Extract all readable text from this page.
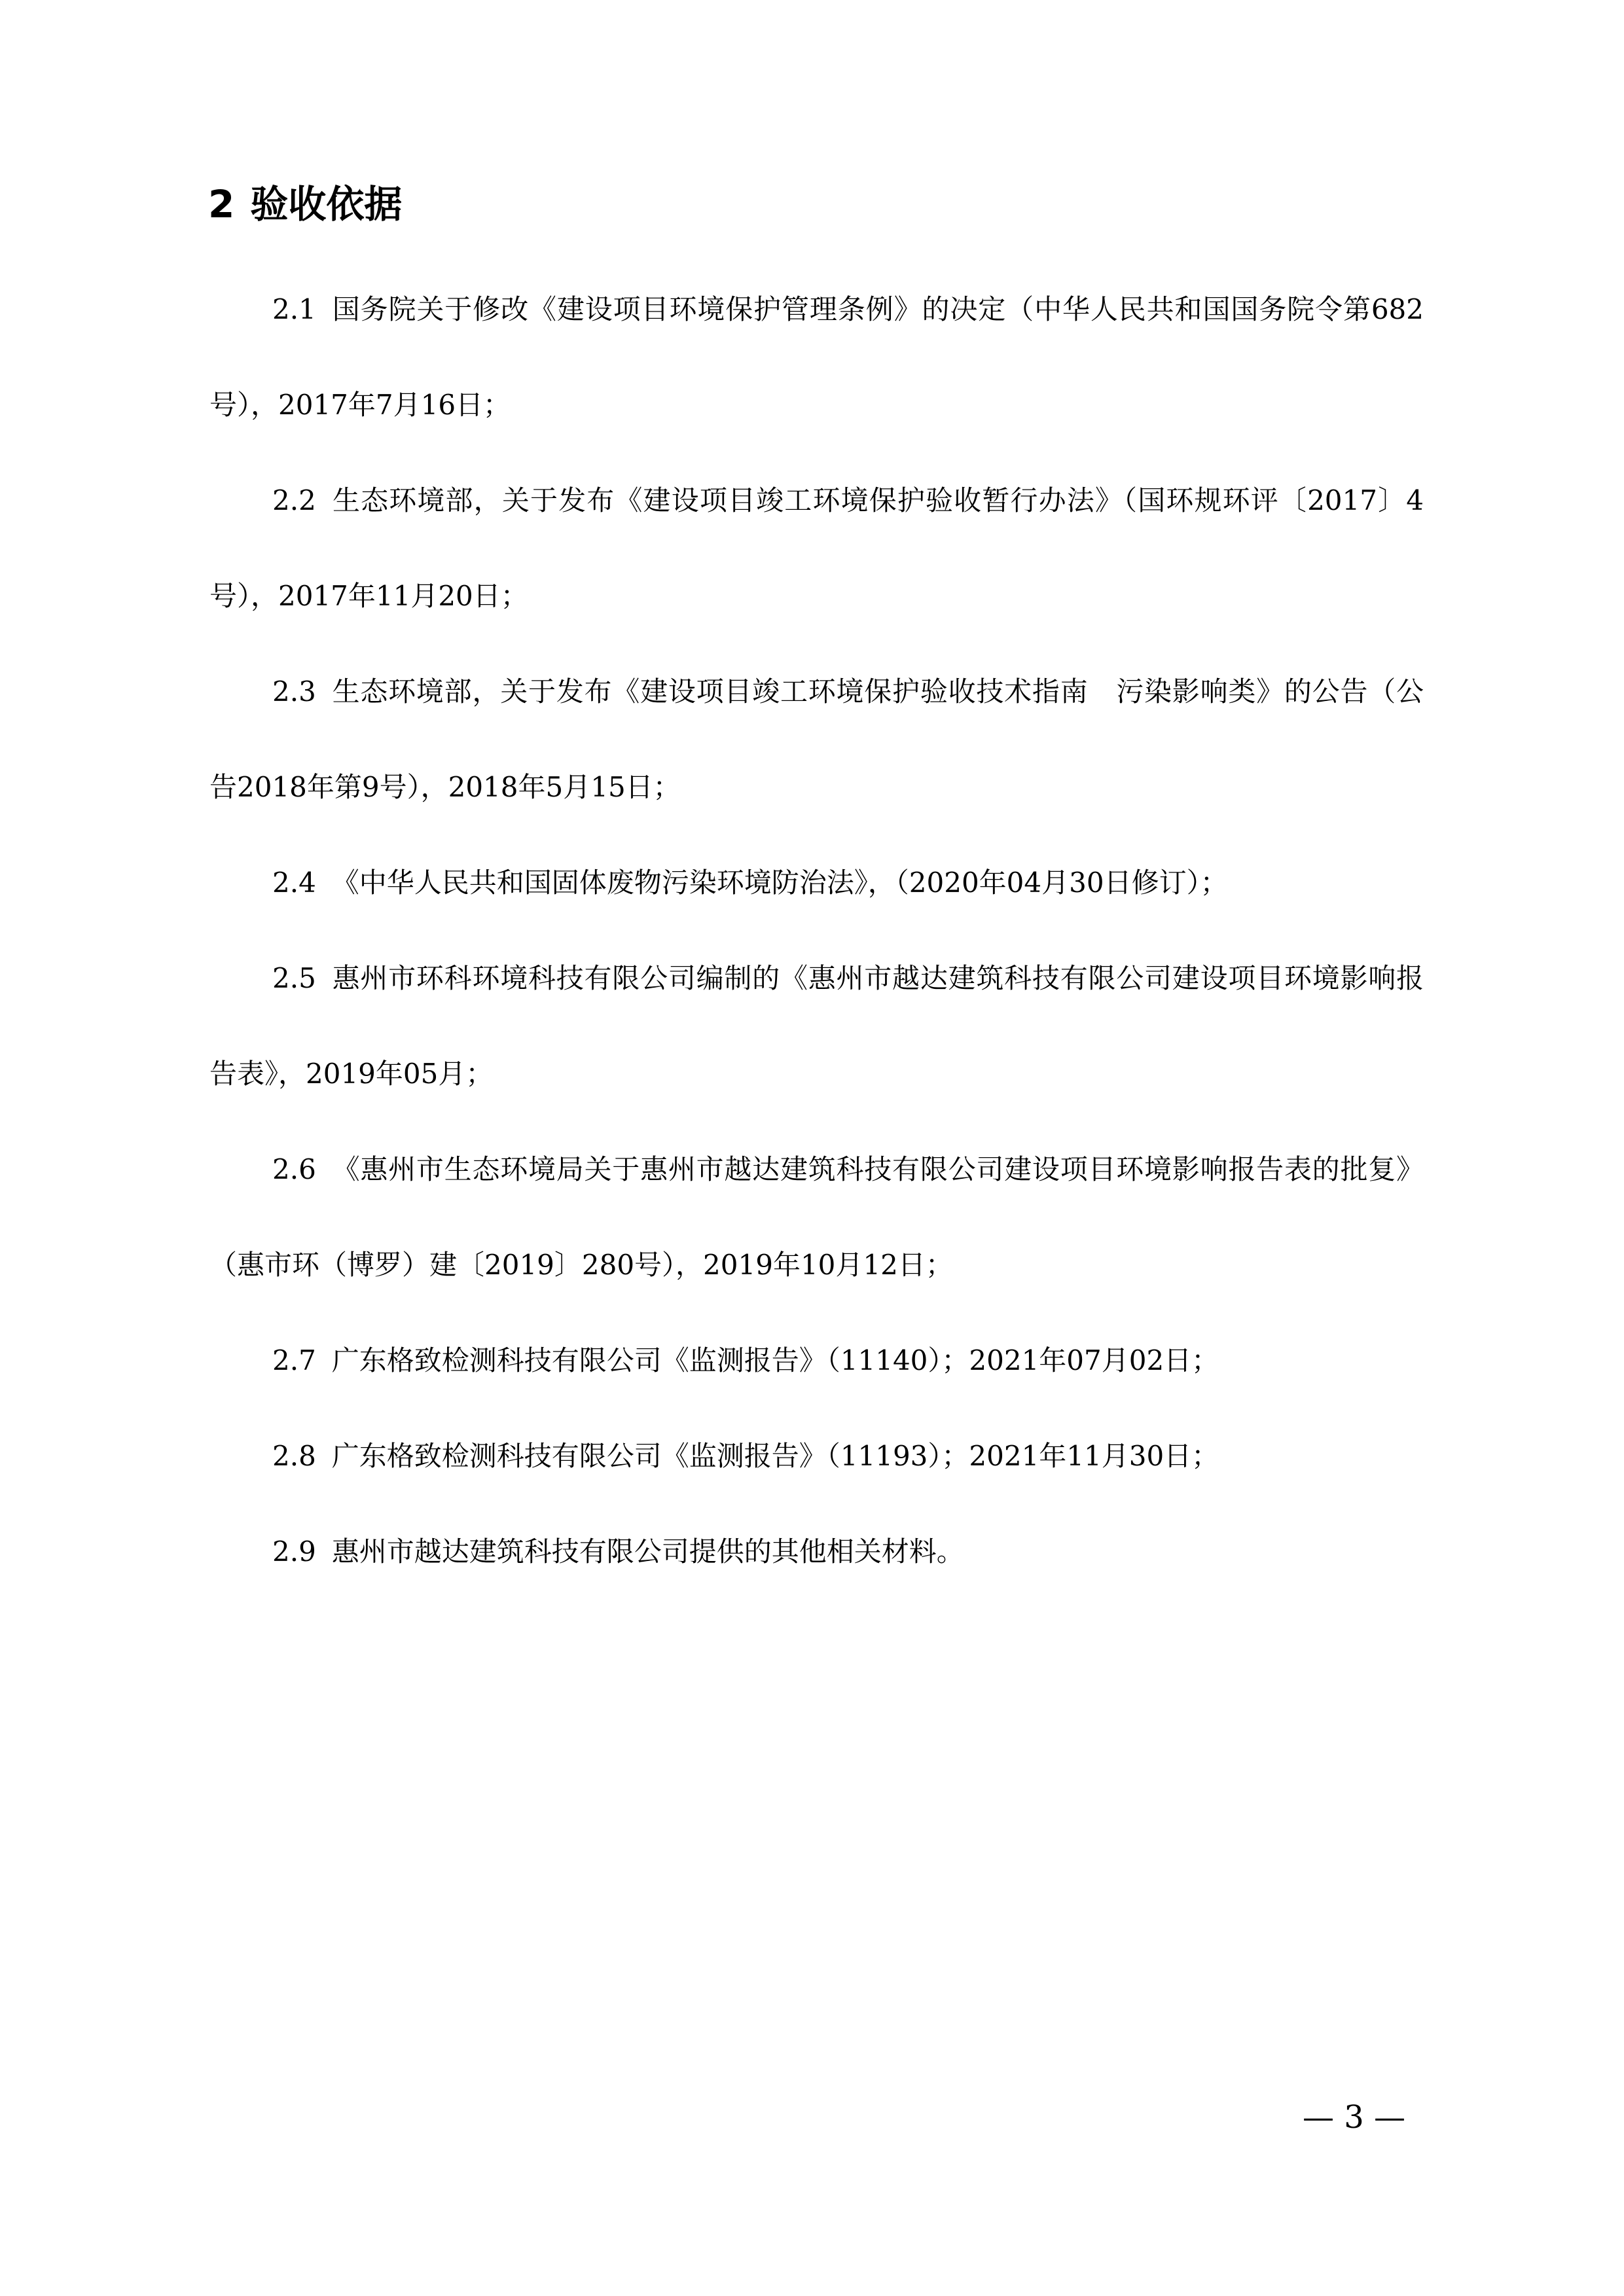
2 验收依据

2.1 国务院关于修改《建设项目环境保护管理条例》的决定（中华人民共和国国务院令第682号），2017年7月16日；

2.2 生态环境部，关于发布《建设项目竣工环境保护验收暂行办法》（国环规环评〔2017〕4号），2017年11月20日；

2.3 生态环境部，关于发布《建设项目竣工环境保护验收技术指南　污染影响类》的公告（公告2018年第9号），2018年5月15日；

2.4 《中华人民共和国固体废物污染环境防治法》，（2020年04月30日修订）；

2.5 惠州市环科环境科技有限公司编制的《惠州市越达建筑科技有限公司建设项目环境影响报告表》，2019年05月；

2.6 《惠州市生态环境局关于惠州市越达建筑科技有限公司建设项目环境影响报告表的批复》（惠市环（博罗）建〔2019〕280号），2019年10月12日；

2.7 广东格致检测科技有限公司《监测报告》（11140）；2021年07月02日；

2.8 广东格致检测科技有限公司《监测报告》（11193）；2021年11月30日；

2.9 惠州市越达建筑科技有限公司提供的其他相关材料。

— 3 —
